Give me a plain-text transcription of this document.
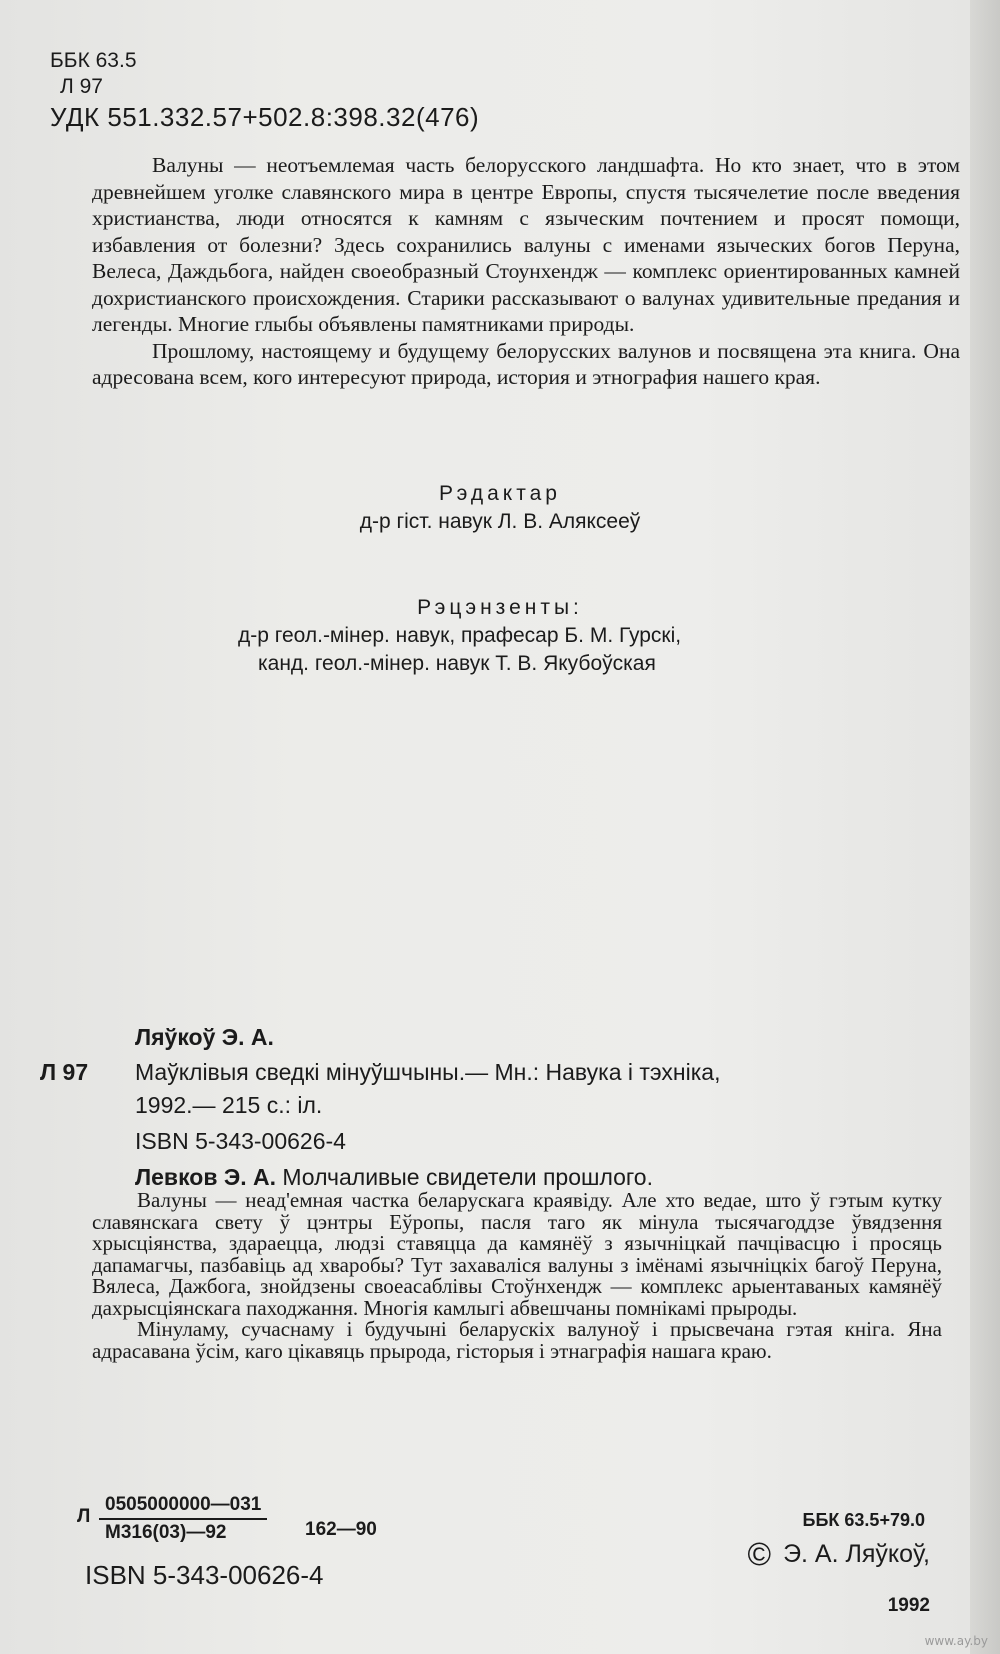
ББК 63.5
Л 97
УДК 551.332.57+502.8:398.32(476)

Валуны — неотъемлемая часть белорусского ландшафта. Но кто знает, что в этом древнейшем уголке славянского мира в центре Европы, спустя тысячелетие после введения христианства, люди относятся к камням с языческим почтением и просят помощи, избавления от болезни? Здесь сохранились валуны с именами языческих богов Перуна, Велеса, Даждьбога, найден своеобразный Стоунхендж — комплекс ориентированных камней дохристианского происхождения. Старики рассказывают о валунах удивительные предания и легенды. Многие глыбы объявлены памятниками природы.

Прошлому, настоящему и будущему белорусских валунов и посвящена эта книга. Она адресована всем, кого интересуют природа, история и этнография нашего края.

Рэдактар
д-р гіст. навук Л. В. Аляксееў
Рэцэнзенты:
д-р геол.-мінер. навук, прафесар Б. М. Гурскі,
канд. геол.-мінер. навук Т. В. Якубоўская
Ляўкоў Э. А.
Л 97	Маўклівыя сведкі мінуўшчыны.— Мн.: Навука і тэхніка,
1992.— 215 с.: іл.
ISBN 5-343-00626-4
Левков Э. А. Молчаливые свидетели прошлого.

Валуны — неад'емная частка беларускага краявіду. Але хто ведае, што ў гэтым кутку славянскага свету ў цэнтры Еўропы, пасля таго як мінула тысячагоддзе ўвядзення хрысціянства, здараецца, людзі ставяцца да камянёў з язычніцкай пачцівасцю і просяць дапамагчы, пазбавіць ад хваробы? Тут захаваліся валуны з імёнамі язычніцкіх багоў Перуна, Вялеса, Дажбога, знойдзены своеасаблівы Стоўнхендж — комплекс арыентаваных камянёў дахрысціянскага паходжання. Многія камлыгі абвешчаны помнікамі прыроды.

Мінуламу, сучаснаму і будучыні беларускіх валуноў і прысвечана гэтая кніга. Яна адрасавана ўсім, каго цікавяць прырода, гісторыя і этнаграфія нашага краю.

Л
0505000000—031
М316(03)—92	162—90	ББК 63.5+79.0
ISBN 5-343-00626-4
© Э. А. Ляўкоў,
1992
www.ay.by
